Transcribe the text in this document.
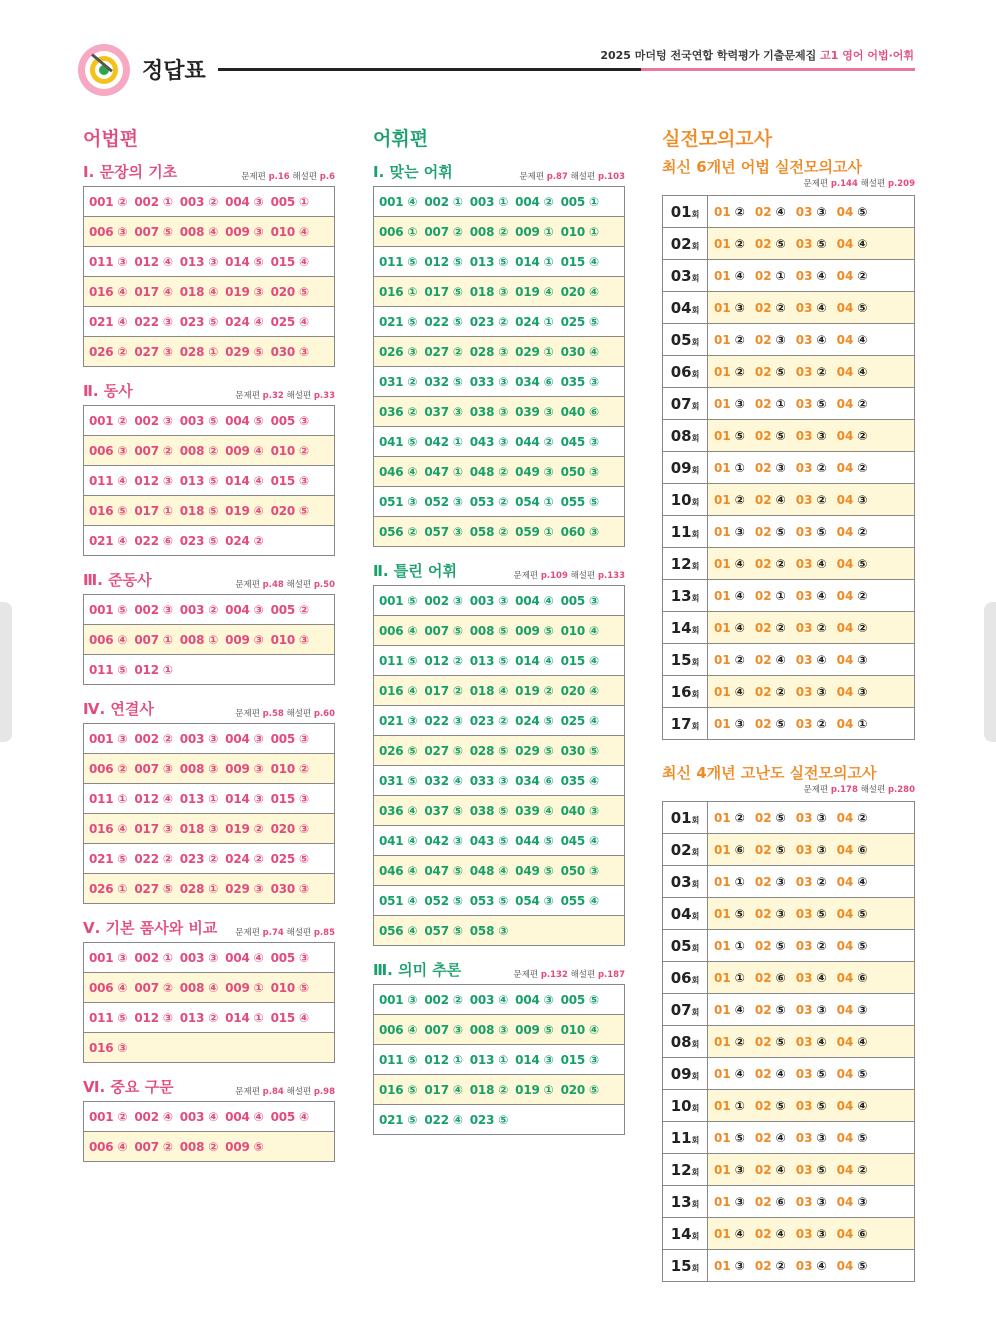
정답표
2025 마더텅 전국연합 학력평가 기출문제집 고1 영어 어법·어휘
어법편
Ⅰ. 문장의 기초	문제편 p.16 해설편 p.6
001 ② 002 ① 003 ② 004 ③ 005 ①
006 ③ 007 ⑤ 008 ④ 009 ③ 010 ④
011 ③ 012 ④ 013 ③ 014 ⑤ 015 ④
016 ④ 017 ④ 018 ④ 019 ③ 020 ⑤
021 ④ 022 ③ 023 ⑤ 024 ④ 025 ④
026 ② 027 ③ 028 ① 029 ⑤ 030 ③
Ⅱ. 동사	문제편 p.32 해설편 p.33
001 ② 002 ③ 003 ⑤ 004 ⑤ 005 ③
006 ③ 007 ② 008 ② 009 ④ 010 ②
011 ④ 012 ③ 013 ⑤ 014 ④ 015 ③
016 ⑤ 017 ① 018 ⑤ 019 ④ 020 ⑤
021 ④ 022 ⑥ 023 ⑤ 024 ②
Ⅲ. 준동사	문제편 p.48 해설편 p.50
001 ⑤ 002 ③ 003 ② 004 ③ 005 ②
006 ④ 007 ① 008 ① 009 ③ 010 ③
011 ⑤ 012 ①
Ⅳ. 연결사	문제편 p.58 해설편 p.60
001 ③ 002 ② 003 ③ 004 ③ 005 ③
006 ② 007 ③ 008 ③ 009 ③ 010 ②
011 ① 012 ④ 013 ① 014 ③ 015 ③
016 ④ 017 ③ 018 ③ 019 ② 020 ③
021 ⑤ 022 ② 023 ② 024 ② 025 ⑤
026 ① 027 ⑤ 028 ① 029 ③ 030 ③
Ⅴ. 기본 품사와 비교 문제편 p.74 해설편 p.85
001 ③ 002 ① 003 ③ 004 ④ 005 ③
006 ④ 007 ② 008 ④ 009 ① 010 ⑤
011 ⑤ 012 ③ 013 ② 014 ① 015 ④
016 ③
Ⅵ. 중요 구문	문제편 p.84 해설편 p.98
001 ② 002 ④ 003 ④ 004 ④ 005 ④
006 ④ 007 ② 008 ② 009 ⑤
어휘편
Ⅰ. 맞는 어휘	문제편 p.87 해설편 p.103
001 ④ 002 ① 003 ① 004 ② 005 ①
006 ① 007 ② 008 ② 009 ① 010 ①
011 ⑤ 012 ⑤ 013 ⑤ 014 ① 015 ④
016 ① 017 ⑤ 018 ③ 019 ④ 020 ④
021 ⑤ 022 ⑤ 023 ② 024 ① 025 ⑤
026 ③ 027 ② 028 ③ 029 ① 030 ④
031 ② 032 ⑤ 033 ③ 034 ⑥ 035 ③
036 ② 037 ③ 038 ③ 039 ③ 040 ⑥
041 ⑤ 042 ① 043 ③ 044 ② 045 ③
046 ④ 047 ① 048 ② 049 ③ 050 ③
051 ③ 052 ③ 053 ② 054 ① 055 ⑤
056 ② 057 ③ 058 ② 059 ① 060 ③
Ⅱ. 틀린 어휘	문제편 p.109 해설편 p.133
001 ⑤ 002 ③ 003 ③ 004 ④ 005 ③
006 ④ 007 ⑤ 008 ⑤ 009 ⑤ 010 ④
011 ⑤ 012 ② 013 ⑤ 014 ④ 015 ④
016 ④ 017 ② 018 ④ 019 ② 020 ④
021 ③ 022 ③ 023 ② 024 ⑤ 025 ④
026 ⑤ 027 ⑤ 028 ⑤ 029 ⑤ 030 ⑤
031 ⑤ 032 ④ 033 ③ 034 ⑥ 035 ④
036 ④ 037 ⑤ 038 ⑤ 039 ④ 040 ③
041 ④ 042 ③ 043 ⑤ 044 ⑤ 045 ④
046 ④ 047 ⑤ 048 ④ 049 ⑤ 050 ③
051 ④ 052 ⑤ 053 ⑤ 054 ③ 055 ④
056 ④ 057 ⑤ 058 ③
Ⅲ. 의미 추론	문제편 p.132 해설편 p.187
001 ③ 002 ② 003 ④ 004 ③ 005 ⑤
006 ④ 007 ③ 008 ③ 009 ⑤ 010 ④
011 ⑤ 012 ① 013 ① 014 ③ 015 ③
016 ⑤ 017 ④ 018 ② 019 ① 020 ⑤
021 ⑤ 022 ④ 023 ⑤
실전모의고사
최신 6개년 어법 실전모의고사
문제편 p.144 해설편 p.209
01회	01 ② 02 ④ 03 ③ 04 ⑤
02회	01 ② 02 ⑤ 03 ⑤ 04 ④
03회	01 ④ 02 ① 03 ④ 04 ②
04회	01 ③ 02 ② 03 ④ 04 ⑤
05회	01 ② 02 ③ 03 ④ 04 ④
06회	01 ② 02 ⑤ 03 ② 04 ④
07회	01 ③ 02 ① 03 ⑤ 04 ②
08회	01 ⑤ 02 ⑤ 03 ③ 04 ②
09회	01 ① 02 ③ 03 ② 04 ②
10회	01 ② 02 ④ 03 ② 04 ③
11회	01 ③ 02 ⑤ 03 ⑤ 04 ②
12회	01 ④ 02 ② 03 ④ 04 ⑤
13회	01 ④ 02 ① 03 ④ 04 ②
14회	01 ④ 02 ② 03 ② 04 ②
15회	01 ② 02 ④ 03 ④ 04 ③
16회	01 ④ 02 ② 03 ③ 04 ③
17회	01 ③ 02 ⑤ 03 ② 04 ①
최신 4개년 고난도 실전모의고사
문제편 p.178 해설편 p.280
01회	01 ② 02 ⑤ 03 ③ 04 ②
02회	01 ⑥ 02 ⑤ 03 ③ 04 ⑥
03회	01 ① 02 ③ 03 ② 04 ④
04회	01 ⑤ 02 ③ 03 ⑤ 04 ⑤
05회	01 ① 02 ⑤ 03 ② 04 ⑤
06회	01 ① 02 ⑥ 03 ④ 04 ⑥
07회	01 ④ 02 ⑤ 03 ③ 04 ③
08회	01 ② 02 ⑤ 03 ④ 04 ④
09회	01 ④ 02 ④ 03 ⑤ 04 ⑤
10회	01 ① 02 ⑤ 03 ⑤ 04 ④
11회	01 ⑤ 02 ④ 03 ③ 04 ⑤
12회	01 ③ 02 ④ 03 ⑤ 04 ②
13회	01 ③ 02 ⑥ 03 ③ 04 ③
14회	01 ④ 02 ④ 03 ③ 04 ⑥
15회	01 ③ 02 ② 03 ④ 04 ⑤
